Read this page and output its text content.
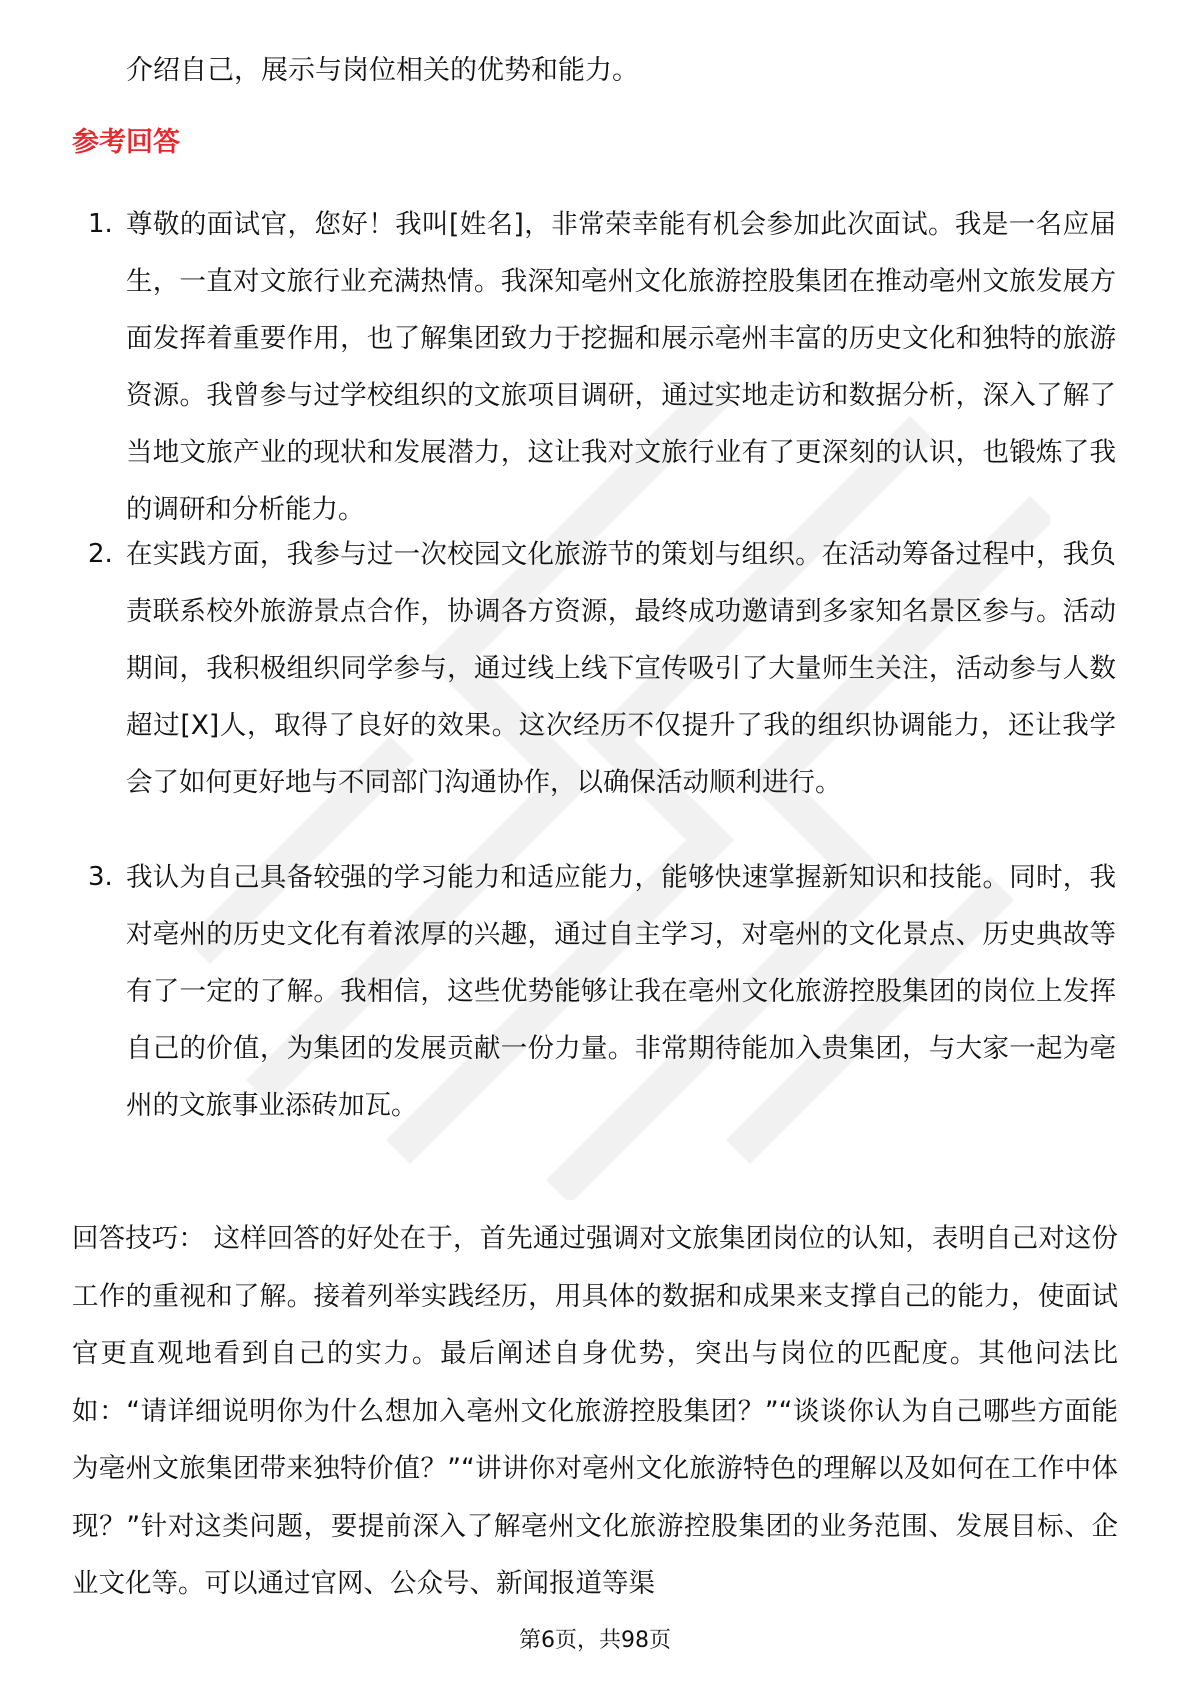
介绍自己，展示与岗位相关的优势和能力。
参考回答
1. 尊敬的面试官，您好！我叫[姓名]，非常荣幸能有机会参加此次面试。我是一名应届生，一直对文旅行业充满热情。我深知亳州文化旅游控股集团在推动亳州文旅发展方面发挥着重要作用，也了解集团致力于挖掘和展示亳州丰富的历史文化和独特的旅游资源。我曾参与过学校组织的文旅项目调研，通过实地走访和数据分析，深入了解了当地文旅产业的现状和发展潜力，这让我对文旅行业有了更深刻的认识，也锻炼了我的调研和分析能力。
2. 在实践方面，我参与过一次校园文化旅游节的策划与组织。在活动筹备过程中，我负责联系校外旅游景点合作，协调各方资源，最终成功邀请到多家知名景区参与。活动期间，我积极组织同学参与，通过线上线下宣传吸引了大量师生关注，活动参与人数超过[X]人，取得了良好的效果。这次经历不仅提升了我的组织协调能力，还让我学会了如何更好地与不同部门沟通协作，以确保活动顺利进行。
3. 我认为自己具备较强的学习能力和适应能力，能够快速掌握新知识和技能。同时，我对亳州的历史文化有着浓厚的兴趣，通过自主学习，对亳州的文化景点、历史典故等有了一定的了解。我相信，这些优势能够让我在亳州文化旅游控股集团的岗位上发挥自己的价值，为集团的发展贡献一份力量。非常期待能加入贵集团，与大家一起为亳州的文旅事业添砖加瓦。
回答技巧： 这样回答的好处在于，首先通过强调对文旅集团岗位的认知，表明自己对这份工作的重视和了解。接着列举实践经历，用具体的数据和成果来支撑自己的能力，使面试官更直观地看到自己的实力。最后阐述自身优势，突出与岗位的匹配度。其他问法比如：“请详细说明你为什么想加入亳州文化旅游控股集团？”“谈谈你认为自己哪些方面能为亳州文旅集团带来独特价值？”“讲讲你对亳州文化旅游特色的理解以及如何在工作中体现？”针对这类问题，要提前深入了解亳州文化旅游控股集团的业务范围、发展目标、企业文化等。可以通过官网、公众号、新闻报道等渠
第6页，共98页
